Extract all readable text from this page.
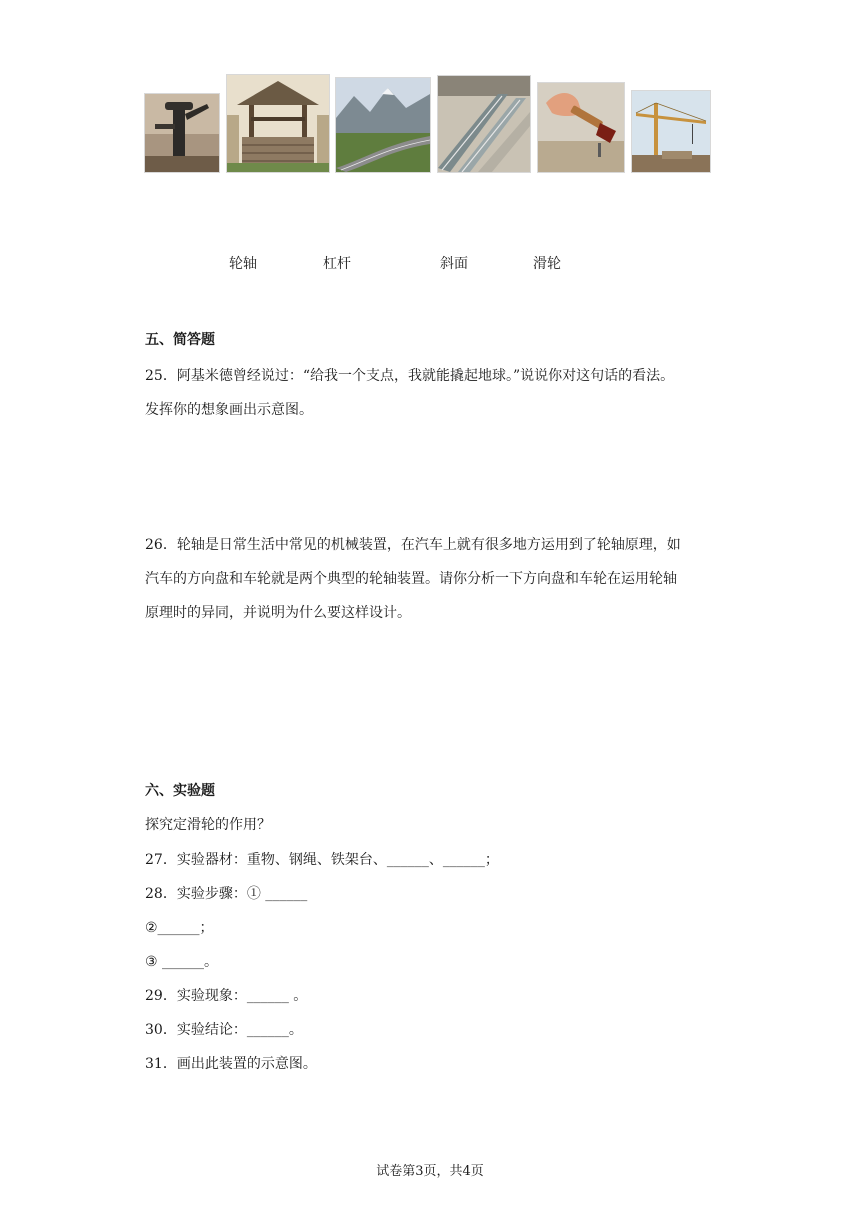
轮轴	杠杆	斜面	滑轮
五、简答题
25．阿基米德曾经说过：“给我一个支点，我就能撬起地球。”说说你对这句话的看法。
发挥你的想象画出示意图。
26．轮轴是日常生活中常见的机械装置，在汽车上就有很多地方运用到了轮轴原理，如
汽车的方向盘和车轮就是两个典型的轮轴装置。请你分析一下方向盘和车轮在运用轮轴
原理时的异同，并说明为什么要这样设计。
六、实验题
探究定滑轮的作用？
27．实验器材：重物、钢绳、铁架台、______、______；
28．实验步骤：① ______
②______；
③ ______。
29．实验现象：______ 。
30．实验结论：______。
31．画出此装置的示意图。
试卷第3页，共4页
